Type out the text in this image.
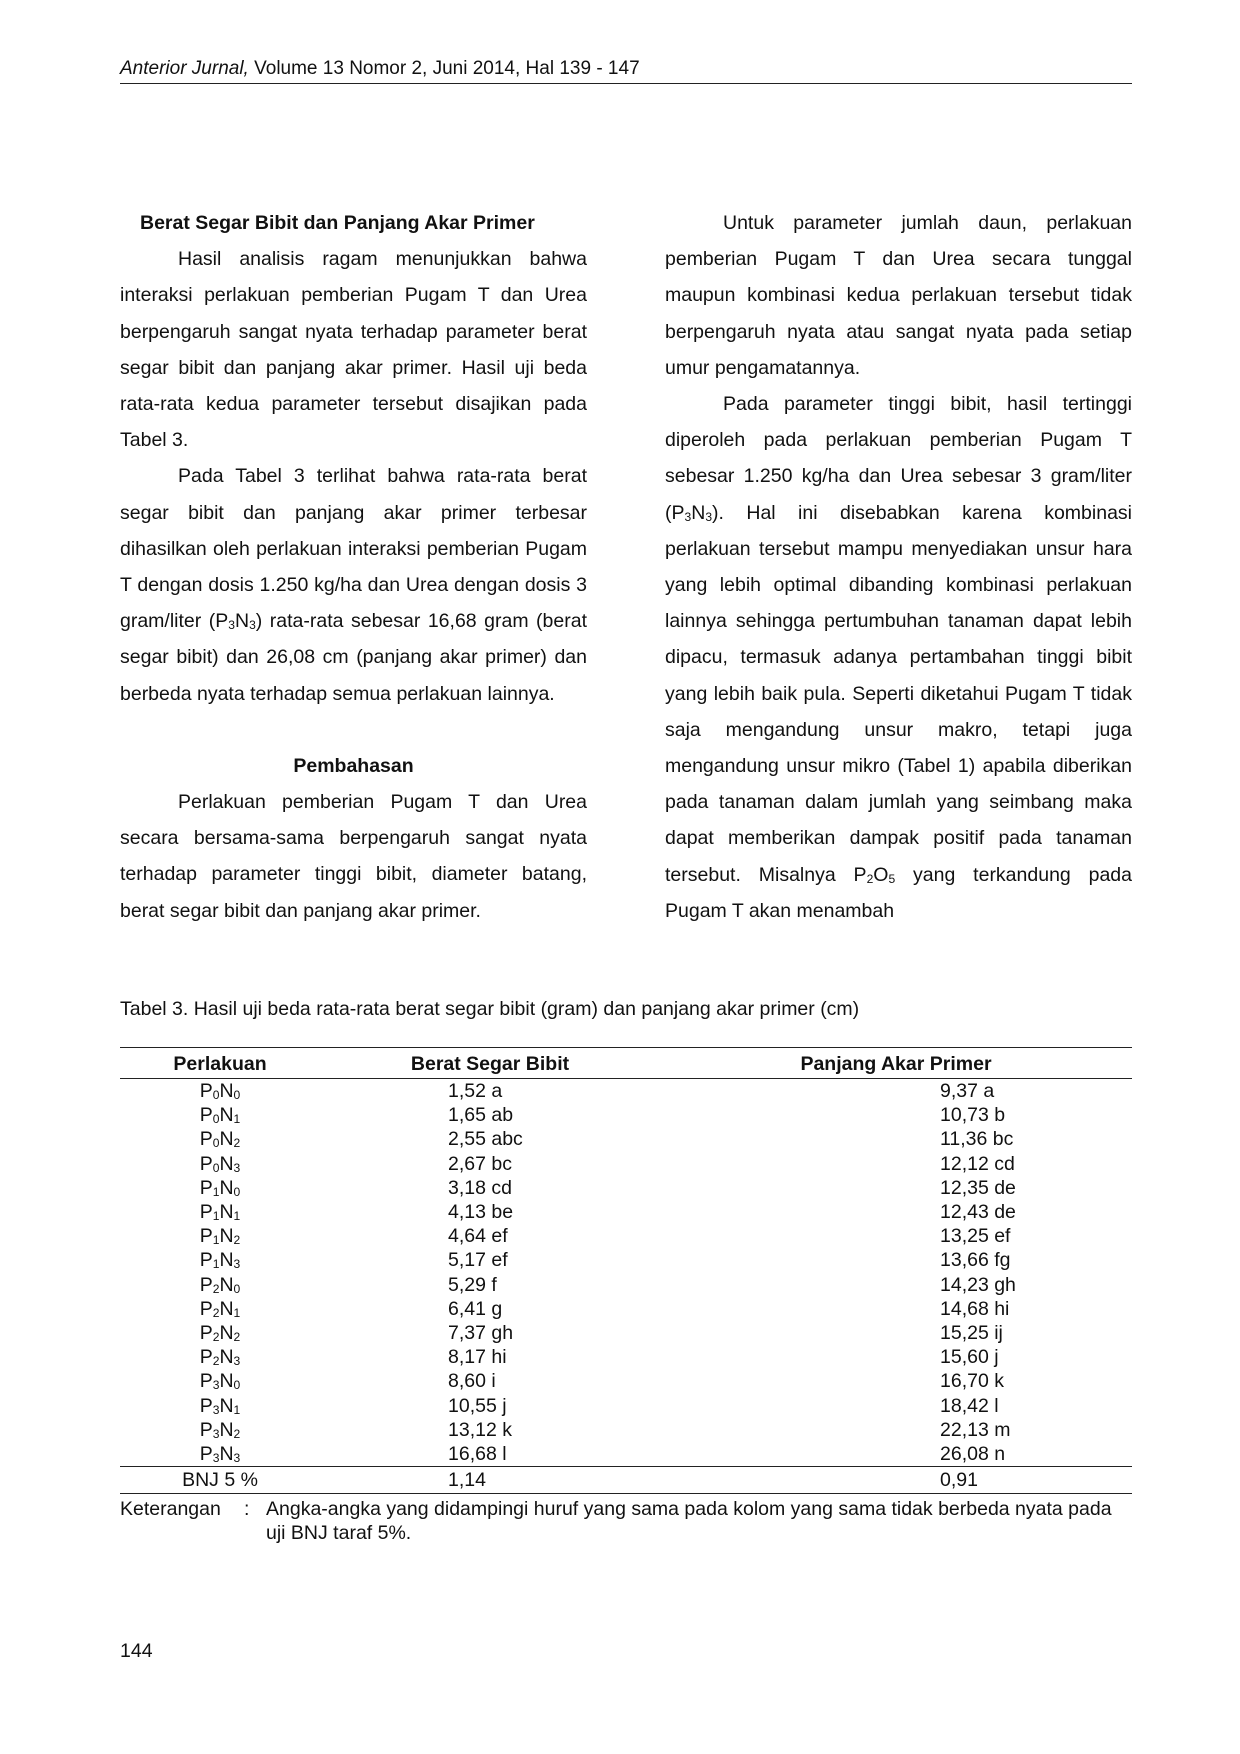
Anterior Jurnal, Volume 13 Nomor 2, Juni 2014, Hal 139 - 147
Berat Segar Bibit dan Panjang Akar Primer

Hasil analisis ragam menunjukkan bahwa interaksi perlakuan pemberian Pugam T dan Urea berpengaruh sangat nyata terhadap parameter berat segar bibit dan panjang akar primer. Hasil uji beda rata-rata kedua parameter tersebut disajikan pada Tabel 3.

Pada Tabel 3 terlihat bahwa rata-rata berat segar bibit dan panjang akar primer terbesar dihasilkan oleh perlakuan interaksi pemberian Pugam T dengan dosis 1.250 kg/ha dan Urea dengan dosis 3 gram/liter $(P_3N_3)$ rata-rata sebesar 16,68 gram (berat segar bibit) dan 26,08 cm (panjang akar primer) dan berbeda nyata terhadap semua perlakuan lainnya.

Pembahasan

Perlakuan pemberian Pugam T dan Urea secara bersama-sama berpengaruh sangat nyata terhadap parameter tinggi bibit, diameter batang, berat segar bibit dan panjang akar primer.

Untuk parameter jumlah daun, perlakuan pemberian Pugam T dan Urea secara tunggal maupun kombinasi kedua perlakuan tersebut tidak berpengaruh nyata atau sangat nyata pada setiap umur pengamatannya.

Pada parameter tinggi bibit, hasil tertinggi diperoleh pada perlakuan pemberian Pugam T sebesar 1.250 kg/ha dan Urea sebesar 3 gram/liter $(P_3N_3)$. Hal ini disebabkan karena kombinasi perlakuan tersebut mampu menyediakan unsur hara yang lebih optimal dibanding kombinasi perlakuan lainnya sehingga pertumbuhan tanaman dapat lebih dipacu, termasuk adanya pertambahan tinggi bibit yang lebih baik pula. Seperti diketahui Pugam T tidak saja mengandung unsur makro, tetapi juga mengandung unsur mikro (Tabel 1) apabila diberikan pada tanaman dalam jumlah yang seimbang maka dapat memberikan dampak positif pada tanaman tersebut. Misalnya $P_2O_5$ yang terkandung pada Pugam T akan menambah

Tabel 3. Hasil uji beda rata-rata berat segar bibit (gram) dan panjang akar primer (cm)
Perlakuan	Berat Segar Bibit	Panjang Akar Primer
$P_0N_0$	1,52 a	9,37 a
$P_0N_1$	1,65 ab	10,73 b
$P_0N_2$	2,55 abc	11,36 bc
$P_0N_3$	2,67 bc	12,12 cd
$P_1N_0$	3,18 cd	12,35 de
$P_1N_1$	4,13 be	12,43 de
$P_1N_2$	4,64 ef	13,25 ef
$P_1N_3$	5,17 ef	13,66 fg
$P_2N_0$	5,29 f	14,23 gh
$P_2N_1$	6,41 g	14,68 hi
$P_2N_2$	7,37 gh	15,25 ij
$P_2N_3$	8,17 hi	15,60 j
$P_3N_0$	8,60 i	16,70 k
$P_3N_1$	10,55 j	18,42 l
$P_3N_2$	13,12 k	22,13 m
$P_3N_3$	16,68 l	26,08 n
BNJ 5 %	1,14	0,91
Keterangan : Angka-angka yang didampingi huruf yang sama pada kolom yang sama tidak berbeda nyata pada uji BNJ taraf 5%.
144
